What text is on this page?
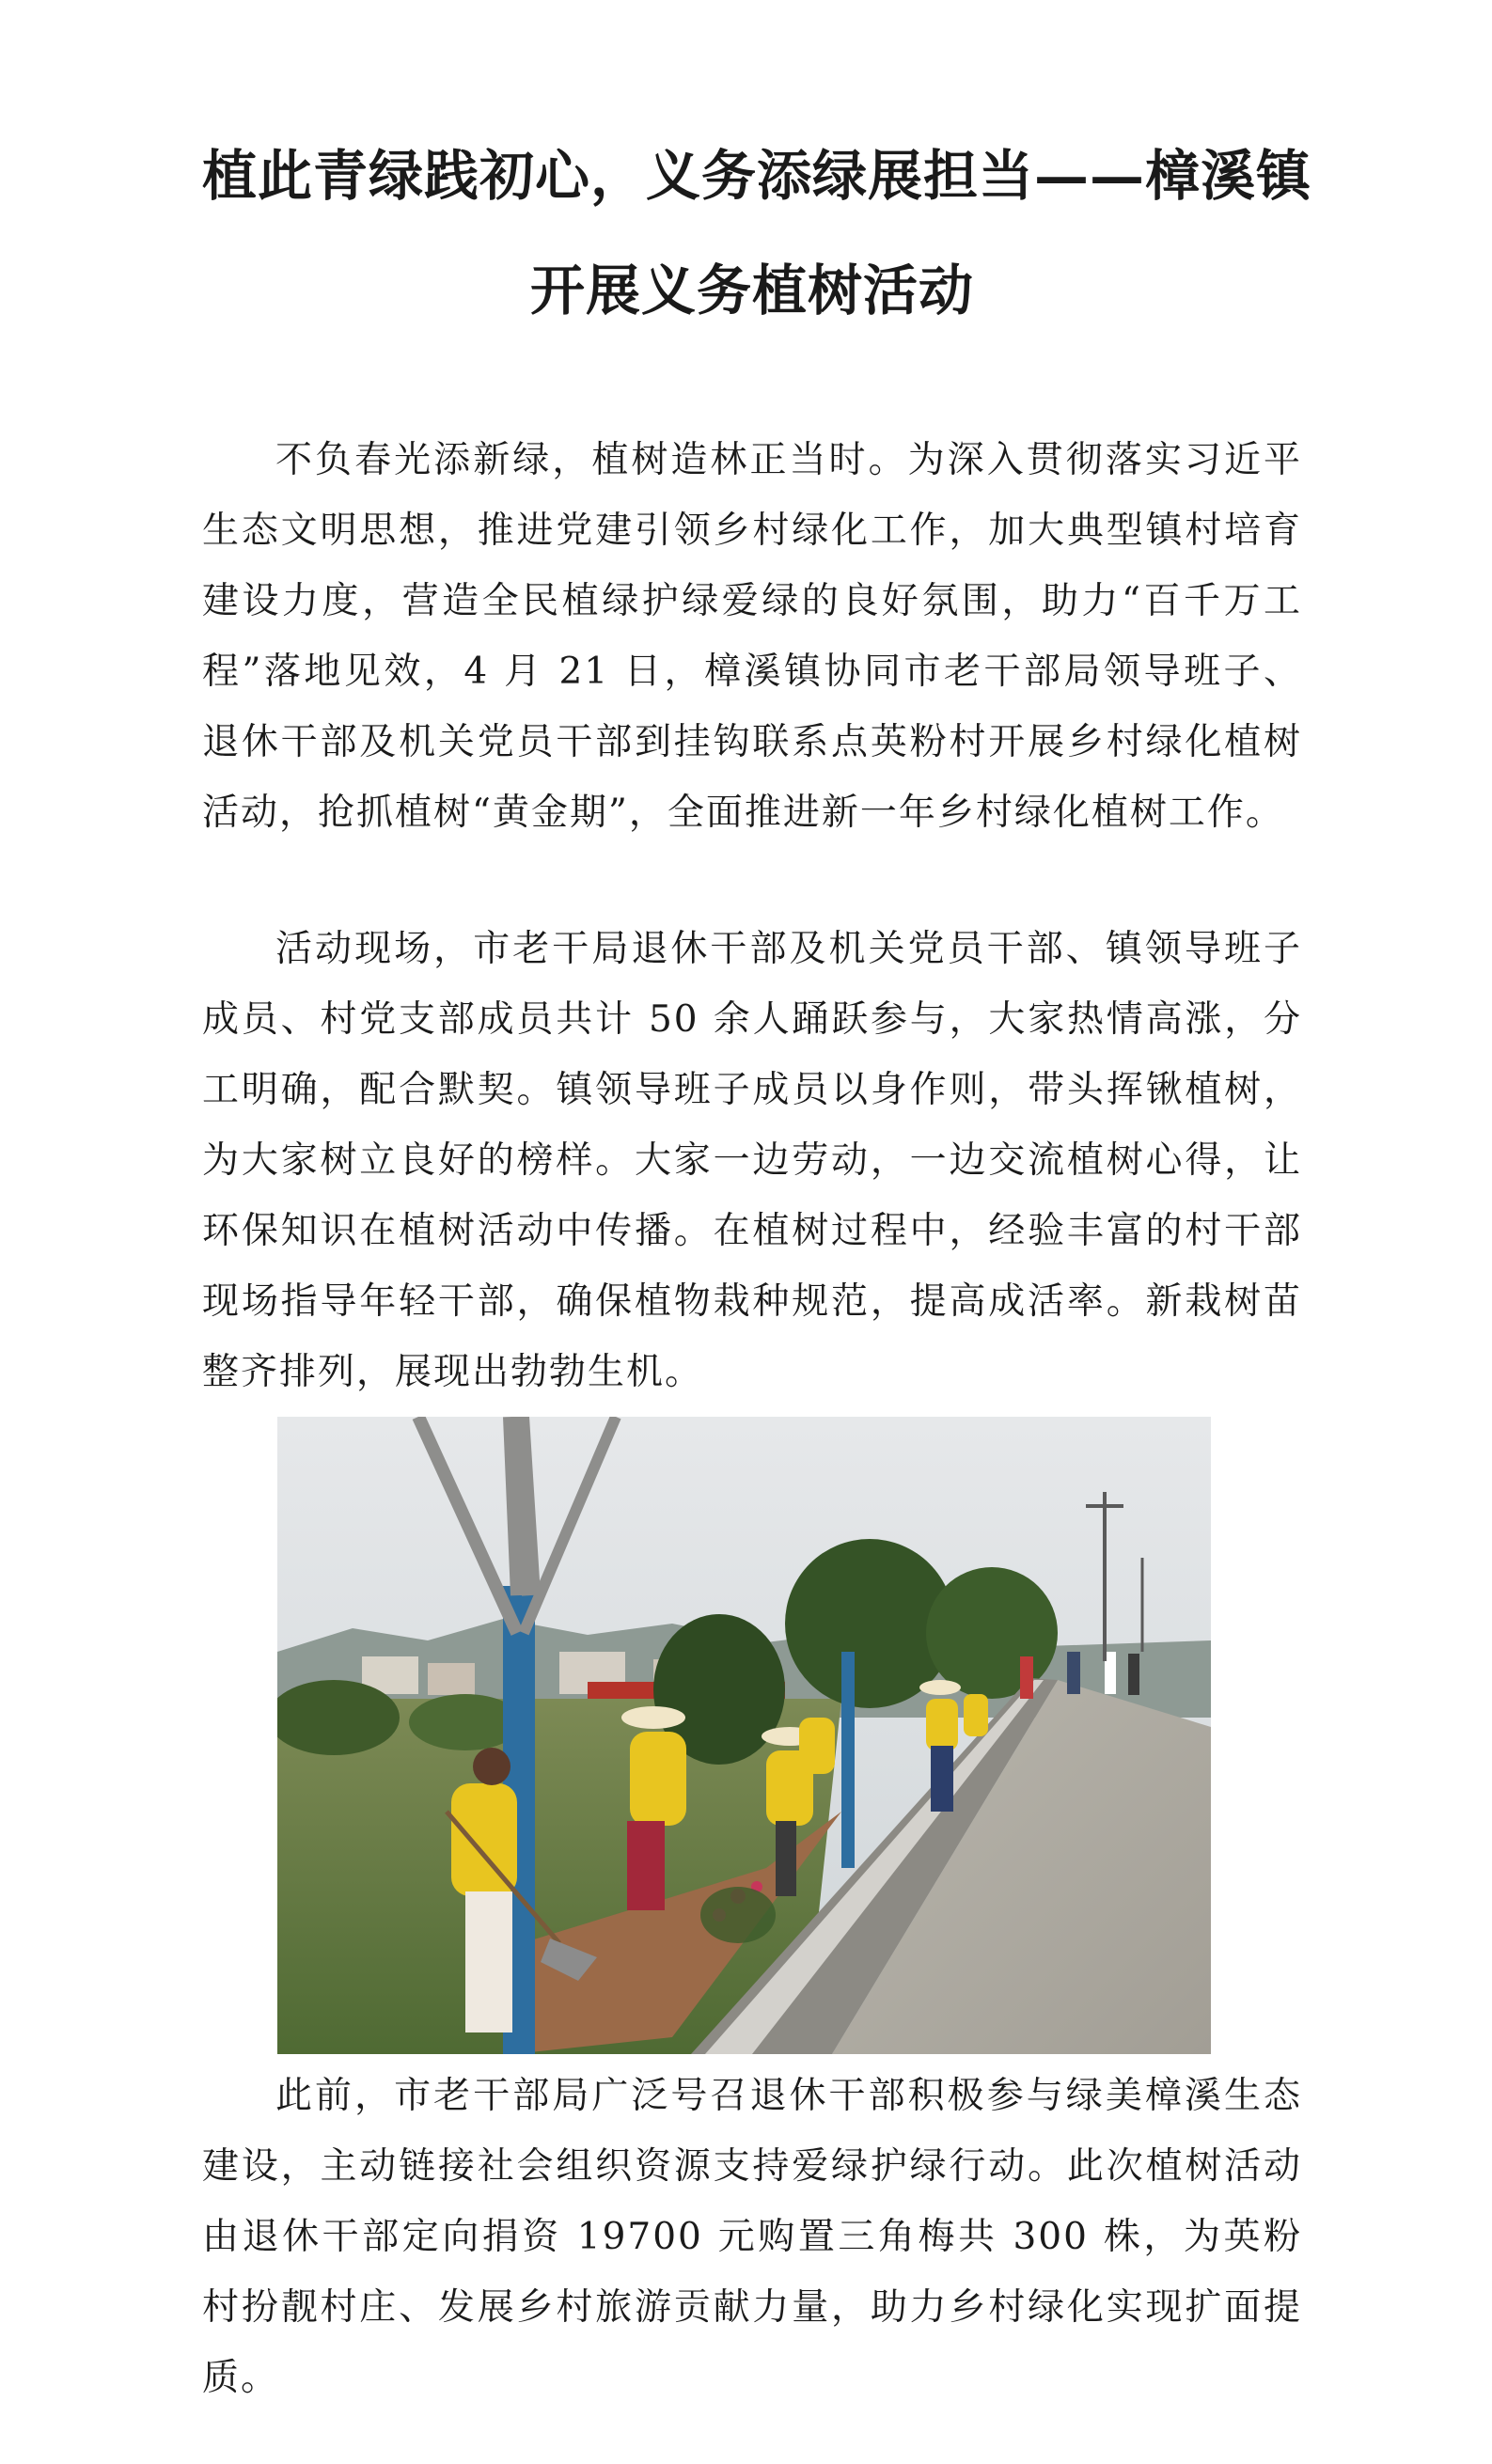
植此青绿践初心，义务添绿展担当——樟溪镇
开展义务植树活动

不负春光添新绿，植树造林正当时。为深入贯彻落实习近平生态文明思想，推进党建引领乡村绿化工作，加大典型镇村培育建设力度，营造全民植绿护绿爱绿的良好氛围，助力“百千万工程”落地见效，4 月 21 日，樟溪镇协同市老干部局领导班子、退休干部及机关党员干部到挂钩联系点英粉村开展乡村绿化植树活动，抢抓植树“黄金期”，全面推进新一年乡村绿化植树工作。

活动现场，市老干局退休干部及机关党员干部、镇领导班子成员、村党支部成员共计 50 余人踊跃参与，大家热情高涨，分工明确，配合默契。镇领导班子成员以身作则，带头挥锹植树，为大家树立良好的榜样。大家一边劳动，一边交流植树心得，让环保知识在植树活动中传播。在植树过程中，经验丰富的村干部现场指导年轻干部，确保植物栽种规范，提高成活率。新栽树苗整齐排列，展现出勃勃生机。

此前，市老干部局广泛号召退休干部积极参与绿美樟溪生态建设，主动链接社会组织资源支持爱绿护绿行动。此次植树活动由退休干部定向捐资 19700 元购置三角梅共 300 株，为英粉村扮靓村庄、发展乡村旅游贡献力量，助力乡村绿化实现扩面提质。
